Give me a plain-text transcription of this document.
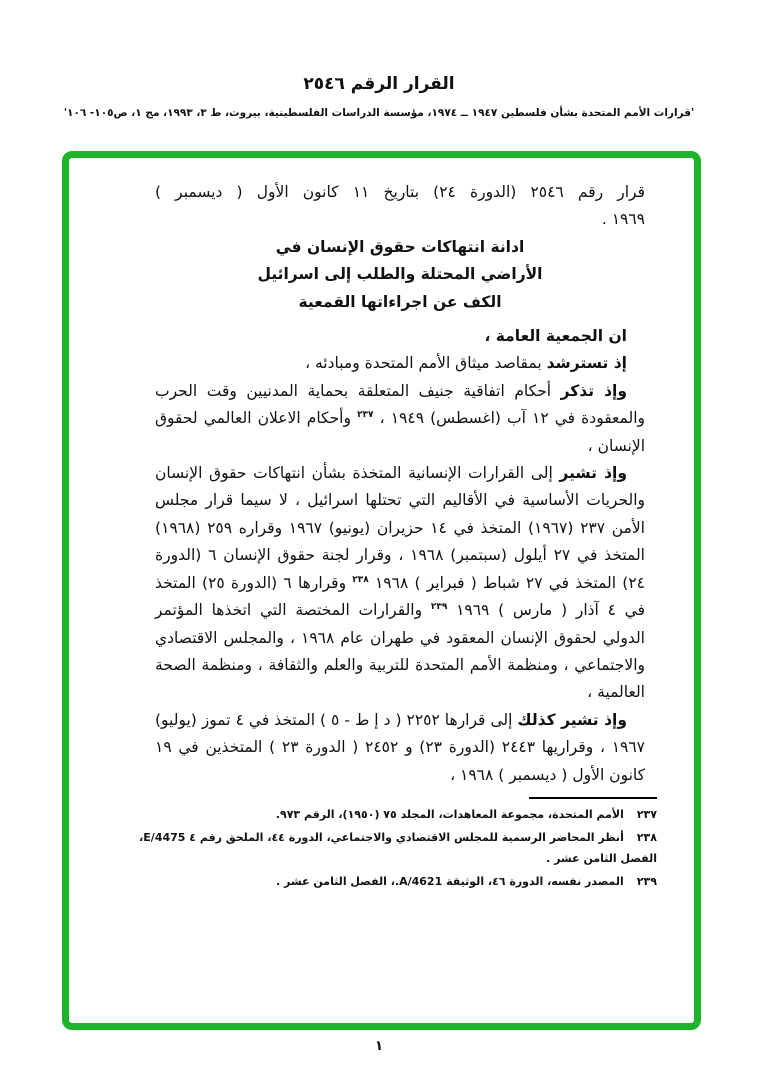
القرار الرقم ٢٥٤٦
'قرارات الأمم المتحدة بشأن فلسطين ١٩٤٧ ــ ١٩٧٤، مؤسسة الدراسات الفلسطينية، بيروت، ط ٣، ١٩٩٣، مج ١، ص١٠٥- ١٠٦'

قرار رقم ٢٥٤٦ (الدورة ٢٤) بتاريخ ١١ كانون الأول ( ديسمبر )

١٩٦٩ .

ادانة انتهاكات حقوق الإنسان في
الأراضي المحتلة والطلب إلى اسرائيل
الكف عن اجراءاتها القمعية

ان الجمعية العامة ،

إذ تسترشد بمقاصد ميثاق الأمم المتحدة ومبادئه ،

وإذ تذكر أحكام اتفاقية جنيف المتعلقة بحماية المدنيين وقت الحرب والمعقودة في ١٢ آب (اغسطس) ١٩٤٩ ، $^{٢٣٧}$ وأحكام الاعلان العالمي لحقوق الإنسان ،

وإذ تشير إلى القرارات الإنسانية المتخذة بشأن انتهاكات حقوق الإنسان والحريات الأساسية في الأقاليم التي تحتلها اسرائيل ، لا سيما قرار مجلس الأمن ٢٣٧ (١٩٦٧) المتخذ في ١٤ حزيران (يونيو) ١٩٦٧ وقراره ٢٥٩ (١٩٦٨) المتخذ في ٢٧ أيلول (سبتمبر) ١٩٦٨ ، وقرار لجنة حقوق الإنسان ٦ (الدورة ٢٤) المتخذ في ٢٧ شباط ( فبراير ) ١٩٦٨ $^{٢٣٨}$ وقرارها ٦ (الدورة ٢٥) المتخذ في ٤ آذار ( مارس ) ١٩٦٩ $^{٢٣٩}$ والقرارات المختصة التي اتخذها المؤتمر الدولي لحقوق الإنسان المعقود في طهران عام ١٩٦٨ ، والمجلس الاقتصادي والاجتماعي ، ومنظمة الأمم المتحدة للتربية والعلم والثقافة ، ومنظمة الصحة العالمية ،

وإذ تشير كذلك إلى قرارها ٢٢٥٢ ( د إ ط - ٥ ) المتخذ في ٤ تموز (يوليو) ١٩٦٧ ، وقراريها ٢٤٤٣ (الدورة ٢٣) و ٢٤٥٢ ( الدورة ٢٣ ) المتخذين في ١٩ كانون الأول ( ديسمبر ) ١٩٦٨ ،

٢٣٧الأمم المتحدة، مجموعة المعاهدات، المجلد ٧٥ (١٩٥٠)، الرقم ٩٧٣.
٢٣٨أنظر المحاضر الرسمية للمجلس الاقتصادي والاجتماعي، الدورة ٤٤، الملحق رقم ٤ E/4475، الفصل الثامن عشر .
٢٣٩المصدر نفسه، الدورة ٤٦، الوثيقة A/4621.، الفصل الثامن عشر .
١
